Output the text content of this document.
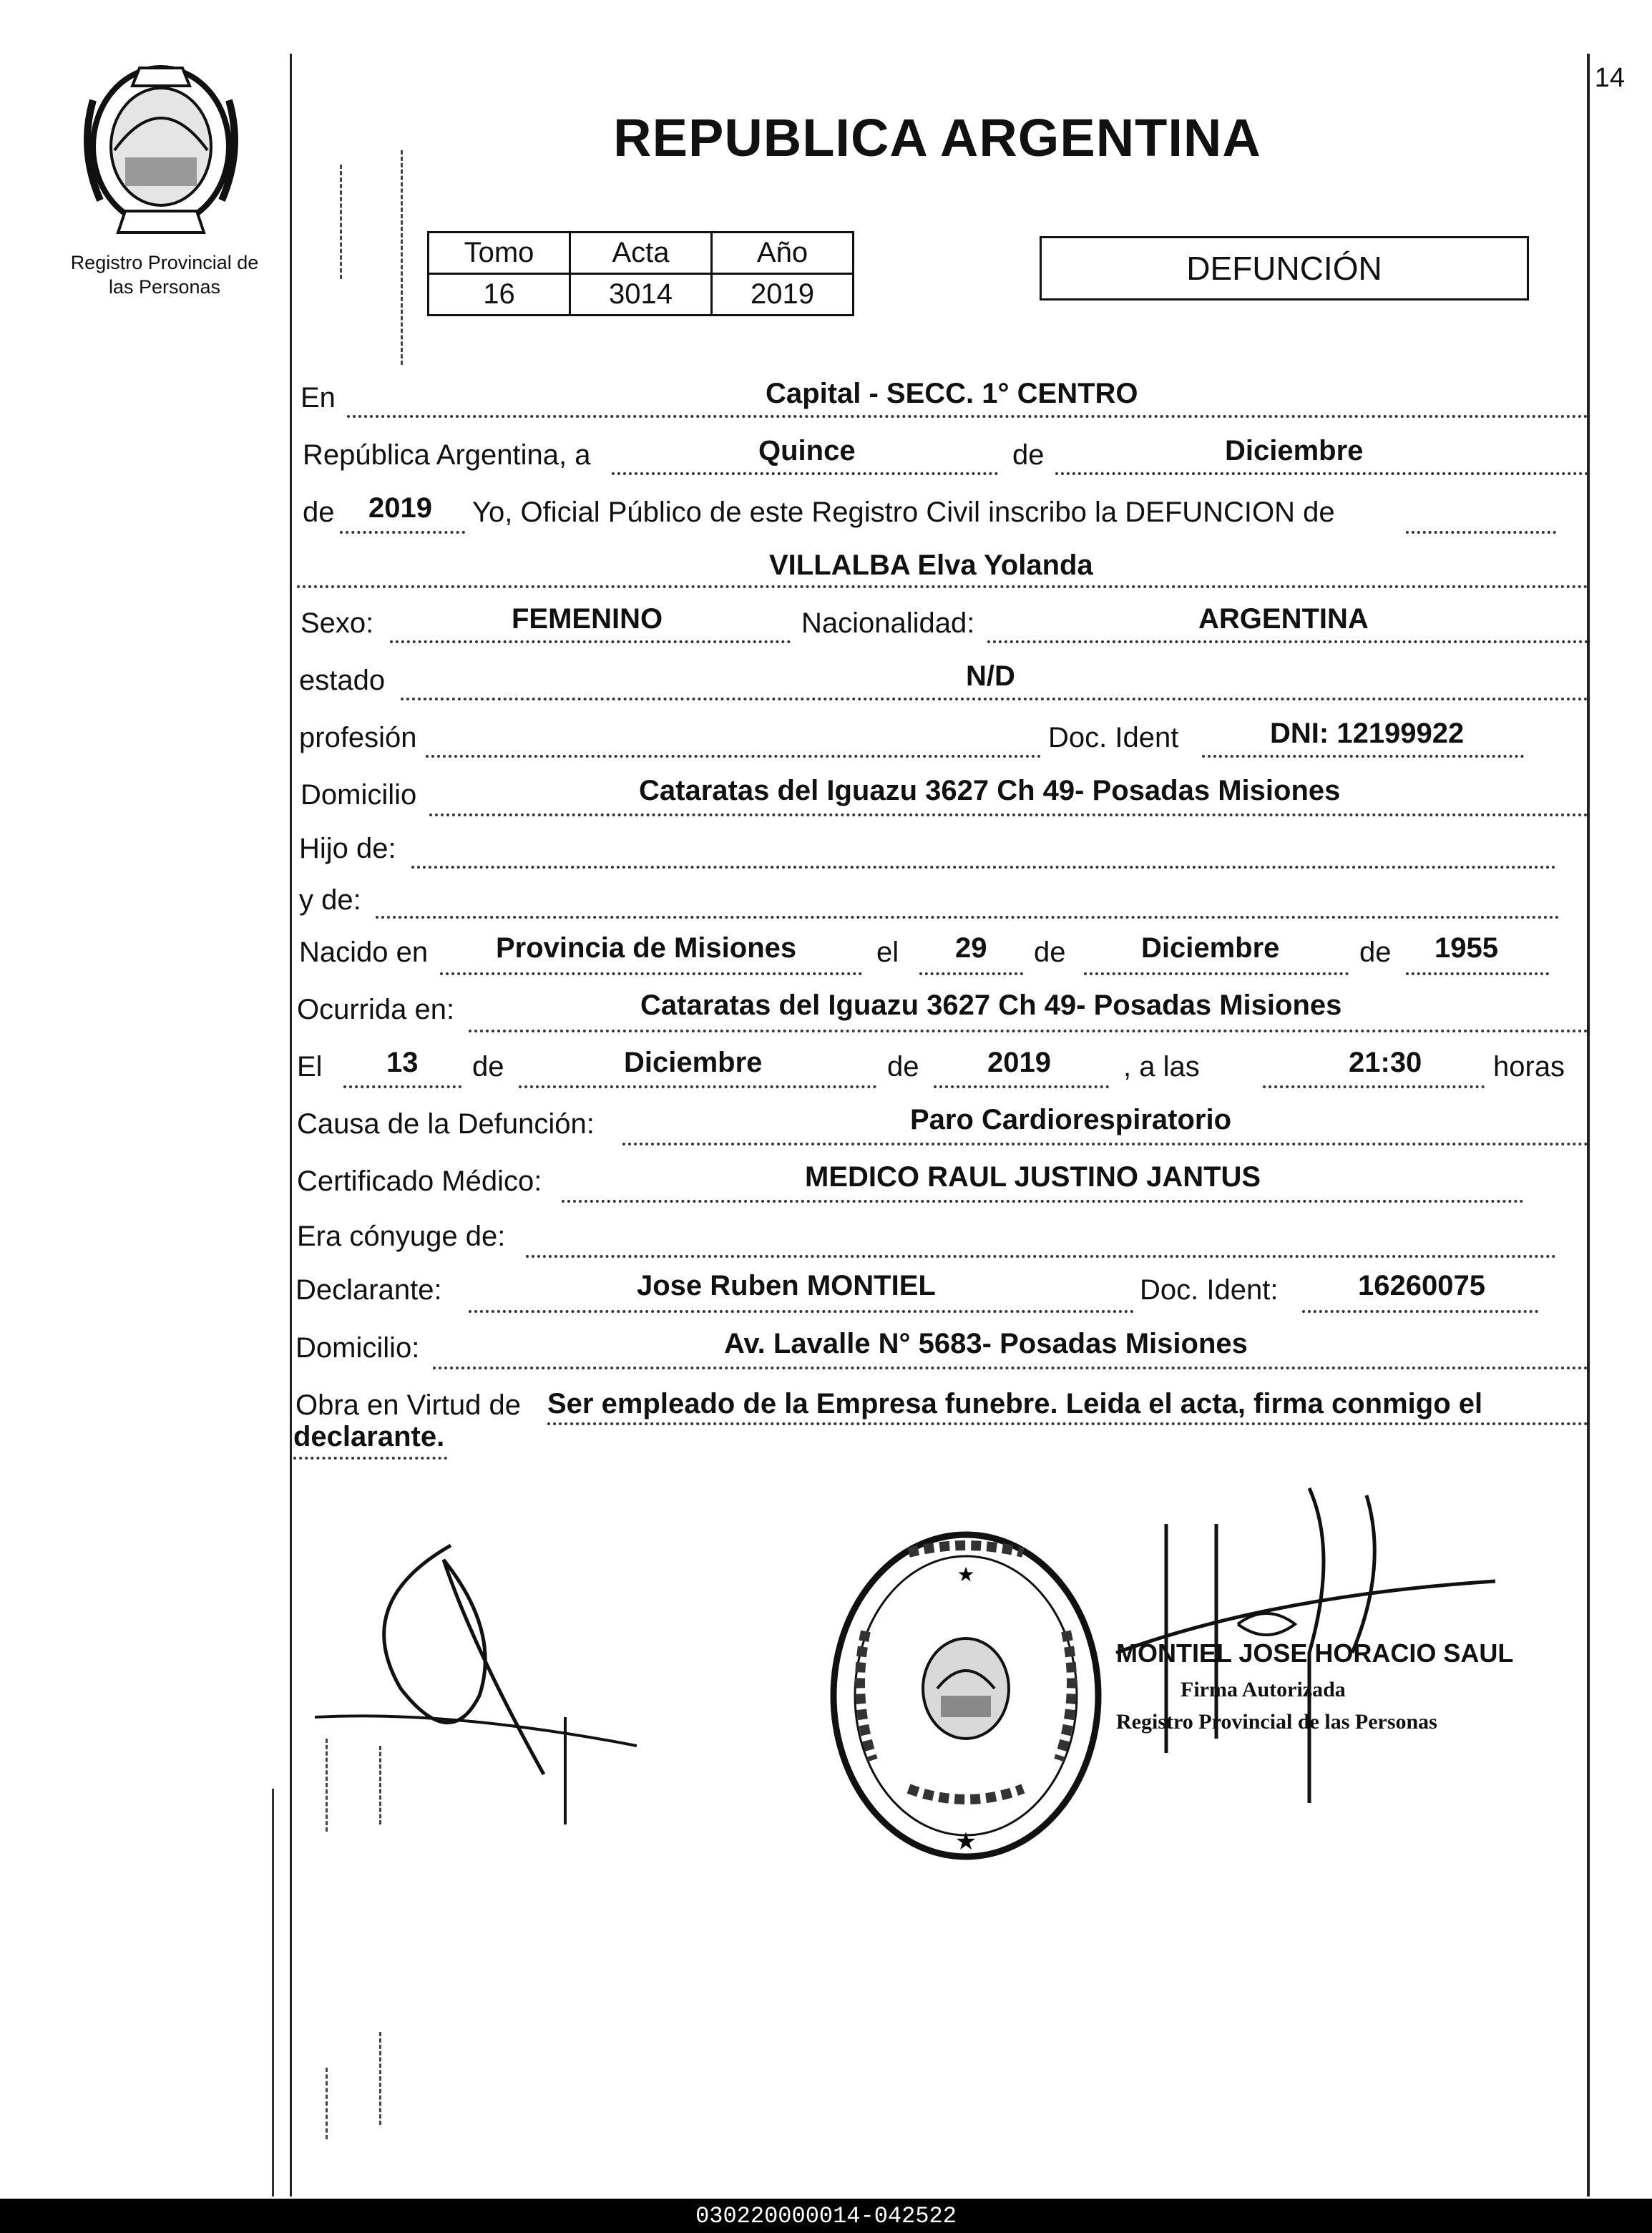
14
Registro Provincial de
las Personas
REPUBLICA ARGENTINA
Tomo	Acta	Año
16	3014	2019
DEFUNCIÓN
En	Capital - SECC. 1° CENTRO
República Argentina, a	Quince	de	Diciembre
de 2019 Yo, Oficial Público de este Registro Civil inscribo la DEFUNCION de
VILLALBA Elva Yolanda
Sexo:	FEMENINO	Nacionalidad:	ARGENTINA
estado	N/D
profesión	Doc. Ident	DNI: 12199922
Domicilio	Cataratas del Iguazu 3627 Ch 49- Posadas Misiones
Hijo de:
y de:
Nacido en Provincia de Misiones	el 29 de	Diciembre	de 1955
Ocurrida en:	Cataratas del Iguazu 3627 Ch 49- Posadas Misiones
El 13 de	Diciembre	de 2019	, a las	21:30 horas
Causa de la Defunción:	Paro Cardiorespiratorio
Certificado Médico:	MEDICO RAUL JUSTINO JANTUS
Era cónyuge de:
Declarante:	Jose Ruben MONTIEL	Doc. Ident:	16260075
Domicilio:	Av. Lavalle N° 5683- Posadas Misiones
Obra en Virtud de Ser empleado de la Empresa funebre. Leida el acta, firma conmigo el
declarante.
★
★
MONTIEL JOSE HORACIO SAUL
Firma Autorizada
Registro Provincial de las Personas
030220000014-042522
